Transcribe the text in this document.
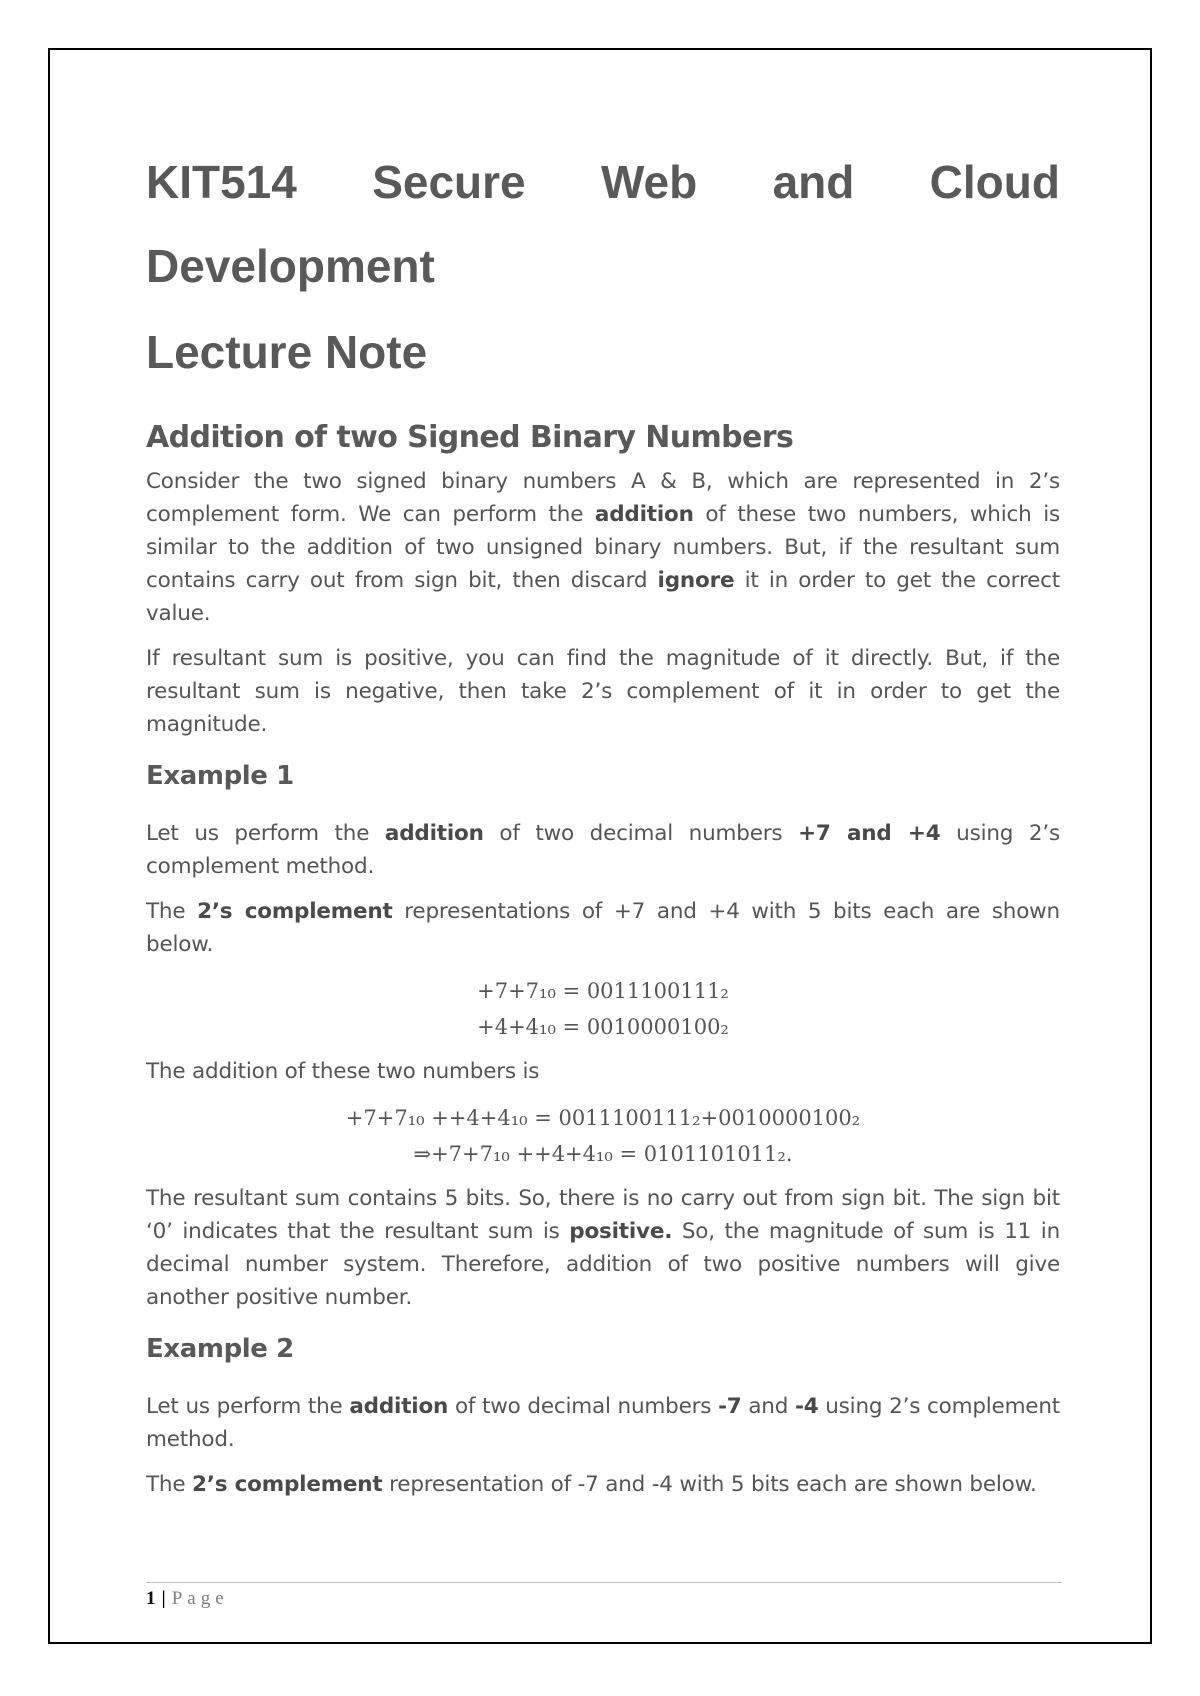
KIT514 Secure Web and Cloud
Development
Lecture Note
Addition of two Signed Binary Numbers

Consider the two signed binary numbers A & B, which are represented in 2’s complement form. We can perform the addition of these two numbers, which is similar to the addition of two unsigned binary numbers. But, if the resultant sum contains carry out from sign bit, then discard ignore it in order to get the correct value.

If resultant sum is positive, you can find the magnitude of it directly. But, if the resultant sum is negative, then take 2’s complement of it in order to get the magnitude.

Example 1

Let us perform the addition of two decimal numbers +7 and +4 using 2’s complement method.

The 2’s complement representations of +7 and +4 with 5 bits each are shown below.

+7+7₁₀ = 0011100111₂
+4+4₁₀ = 0010000100₂

The addition of these two numbers is

+7+7₁₀ ++4+4₁₀ = 0011100111₂+0010000100₂
⇒+7+7₁₀ ++4+4₁₀ = 0101101011₂.

The resultant sum contains 5 bits. So, there is no carry out from sign bit. The sign bit ‘0’ indicates that the resultant sum is positive. So, the magnitude of sum is 11 in decimal number system. Therefore, addition of two positive numbers will give another positive number.

Example 2

Let us perform the addition of two decimal numbers -7 and -4 using 2’s complement method.

The 2’s complement representation of -7 and -4 with 5 bits each are shown below.

1 | Page
